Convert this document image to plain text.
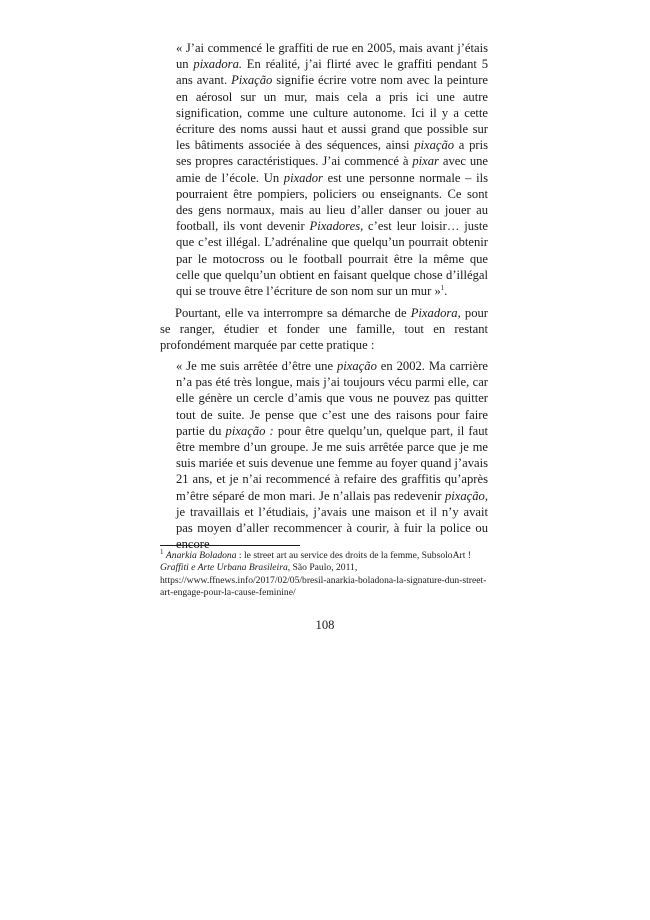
« J’ai commencé le graffiti de rue en 2005, mais avant j’étais un pixadora. En réalité, j’ai flirté avec le graffiti pendant 5 ans avant. Pixação signifie écrire votre nom avec la peinture en aérosol sur un mur, mais cela a pris ici une autre signification, comme une culture autonome. Ici il y a cette écriture des noms aussi haut et aussi grand que possible sur les bâtiments associée à des séquences, ainsi pixação a pris ses propres caractéristiques. J’ai commencé à pixar avec une amie de l’école. Un pixador est une personne normale – ils pourraient être pompiers, policiers ou enseignants. Ce sont des gens normaux, mais au lieu d’aller danser ou jouer au football, ils vont devenir Pixadores, c’est leur loisir… juste que c’est illégal. L’adrénaline que quelqu’un pourrait obtenir par le motocross ou le football pourrait être la même que celle que quelqu’un obtient en faisant quelque chose d’illégal qui se trouve être l’écriture de son nom sur un mur »$^1$.
Pourtant, elle va interrompre sa démarche de Pixadora, pour se ranger, étudier et fonder une famille, tout en restant profondément marquée par cette pratique :
« Je me suis arrêtée d’être une pixação en 2002. Ma carrière n’a pas été très longue, mais j’ai toujours vécu parmi elle, car elle génère un cercle d’amis que vous ne pouvez pas quitter tout de suite. Je pense que c’est une des raisons pour faire partie du pixação : pour être quelqu’un, quelque part, il faut être membre d’un groupe. Je me suis arrêtée parce que je me suis mariée et suis devenue une femme au foyer quand j’avais 21 ans, et je n’ai recommencé à refaire des graffitis qu’après m’être séparé de mon mari. Je n’allais pas redevenir pixação, je travaillais et l’étudiais, j’avais une maison et il n’y avait pas moyen d’aller recommencer à courir, à fuir la police ou encore
$^1$ Anarkia Boladona : le street art au service des droits de la femme, SubsoloArt ! Graffiti e Arte Urbana Brasileira, São Paulo, 2011, https://www.ffnews.info/2017/02/05/bresil-anarkia-boladona-la-signature-dun-street-art-engage-pour-la-cause-feminine/
108
